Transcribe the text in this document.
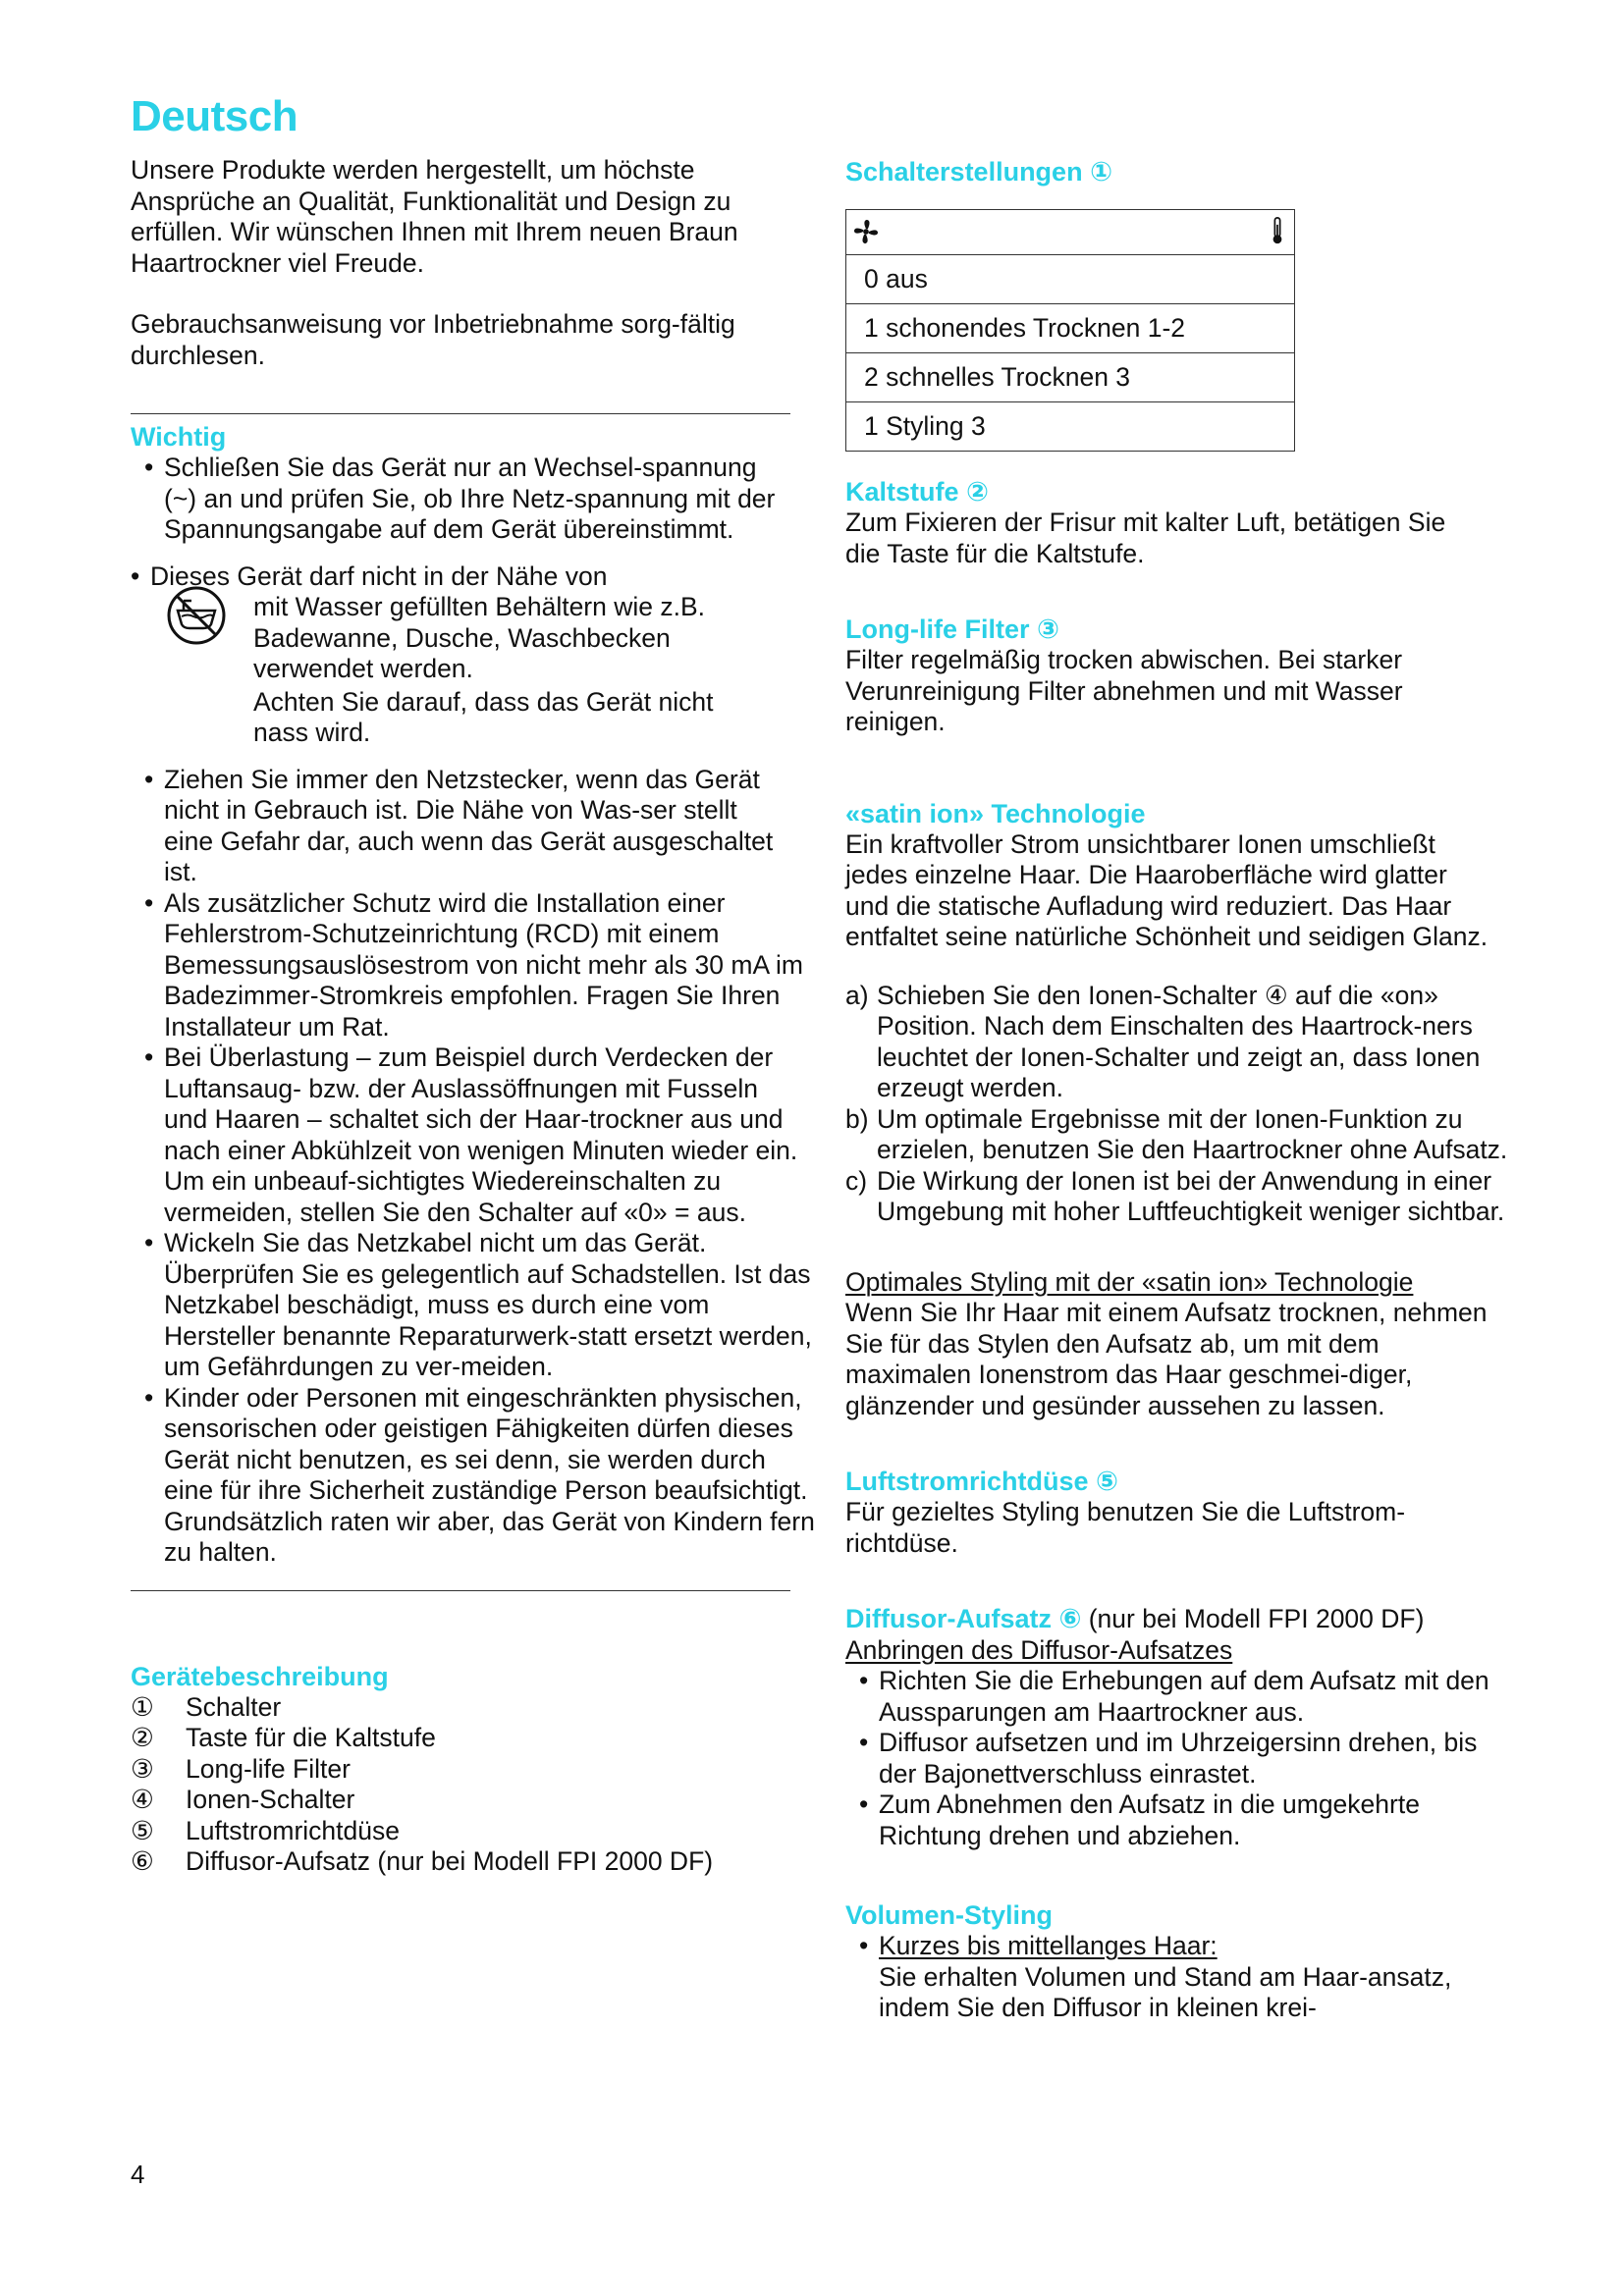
Deutsch

Unsere Produkte werden hergestellt, um höchste Ansprüche an Qualität, Funktionalität und Design zu erfüllen. Wir wünschen Ihnen mit Ihrem neuen Braun Haartrockner viel Freude.

Gebrauchsanweisung vor Inbetriebnahme sorg-fältig durchlesen.

Wichtig

• Schließen Sie das Gerät nur an Wechsel-spannung (~) an und prüfen Sie, ob Ihre Netz-spannung mit der Spannungsangabe auf dem Gerät übereinstimmt.
• Dieses Gerät darf nicht in der Nähe von
mit Wasser gefüllten Behältern wie z.B. Badewanne, Dusche, Waschbecken verwendet werden.
Achten Sie darauf, dass das Gerät nicht nass wird.
• Ziehen Sie immer den Netzstecker, wenn das Gerät nicht in Gebrauch ist. Die Nähe von Was-ser stellt eine Gefahr dar, auch wenn das Gerät ausgeschaltet ist.
• Als zusätzlicher Schutz wird die Installation einer Fehlerstrom-Schutzeinrichtung (RCD) mit einem Bemessungsauslösestrom von nicht mehr als 30 mA im Badezimmer-Stromkreis empfohlen. Fragen Sie Ihren Installateur um Rat.
• Bei Überlastung – zum Beispiel durch Verdecken der Luftansaug- bzw. der Auslassöffnungen mit Fusseln und Haaren – schaltet sich der Haar-trockner aus und nach einer Abkühlzeit von wenigen Minuten wieder ein. Um ein unbeauf-sichtigtes Wiedereinschalten zu vermeiden, stellen Sie den Schalter auf «0» = aus.
• Wickeln Sie das Netzkabel nicht um das Gerät. Überprüfen Sie es gelegentlich auf Schadstellen. Ist das Netzkabel beschädigt, muss es durch eine vom Hersteller benannte Reparaturwerk-statt ersetzt werden, um Gefährdungen zu ver-meiden.
• Kinder oder Personen mit eingeschränkten physischen, sensorischen oder geistigen Fähigkeiten dürfen dieses Gerät nicht benutzen, es sei denn, sie werden durch eine für ihre Sicherheit zuständige Person beaufsichtigt. Grundsätzlich raten wir aber, das Gerät von Kindern fern zu halten.

Gerätebeschreibung

①	Schalter
②	Taste für die Kaltstufe
③	Long-life Filter
④	Ionen-Schalter
⑤	Luftstromrichtdüse
⑥	Diffusor-Aufsatz (nur bei Modell FPI 2000 DF)

Schalterstellungen ①

0 aus
1 schonendes Trocknen 1-2
2 schnelles Trocknen 3
1 Styling 3

Kaltstufe ②

Zum Fixieren der Frisur mit kalter Luft, betätigen Sie die Taste für die Kaltstufe.

Long-life Filter ③

Filter regelmäßig trocken abwischen. Bei starker Verunreinigung Filter abnehmen und mit Wasser reinigen.

«satin ion» Technologie

Ein kraftvoller Strom unsichtbarer Ionen umschließt jedes einzelne Haar. Die Haaroberfläche wird glatter und die statische Aufladung wird reduziert. Das Haar entfaltet seine natürliche Schönheit und seidigen Glanz.

a) Schieben Sie den Ionen-Schalter ④ auf die «on» Position. Nach dem Einschalten des Haartrock-ners leuchtet der Ionen-Schalter und zeigt an, dass Ionen erzeugt werden.
b) Um optimale Ergebnisse mit der Ionen-Funktion zu erzielen, benutzen Sie den Haartrockner ohne Aufsatz.
c) Die Wirkung der Ionen ist bei der Anwendung in einer Umgebung mit hoher Luftfeuchtigkeit weniger sichtbar.

Optimales Styling mit der «satin ion» Technologie

Wenn Sie Ihr Haar mit einem Aufsatz trocknen, nehmen Sie für das Stylen den Aufsatz ab, um mit dem maximalen Ionenstrom das Haar geschmei-diger, glänzender und gesünder aussehen zu lassen.

Luftstromrichtdüse ⑤

Für gezieltes Styling benutzen Sie die Luftstrom-richtdüse.

Diffusor-Aufsatz ⑥ (nur bei Modell FPI 2000 DF)

Anbringen des Diffusor-Aufsatzes

• Richten Sie die Erhebungen auf dem Aufsatz mit den Aussparungen am Haartrockner aus.
• Diffusor aufsetzen und im Uhrzeigersinn drehen, bis der Bajonettverschluss einrastet.
• Zum Abnehmen den Aufsatz in die umgekehrte Richtung drehen und abziehen.

Volumen-Styling

• Kurzes bis mittellanges Haar:
Sie erhalten Volumen und Stand am Haar-ansatz, indem Sie den Diffusor in kleinen krei-
4
